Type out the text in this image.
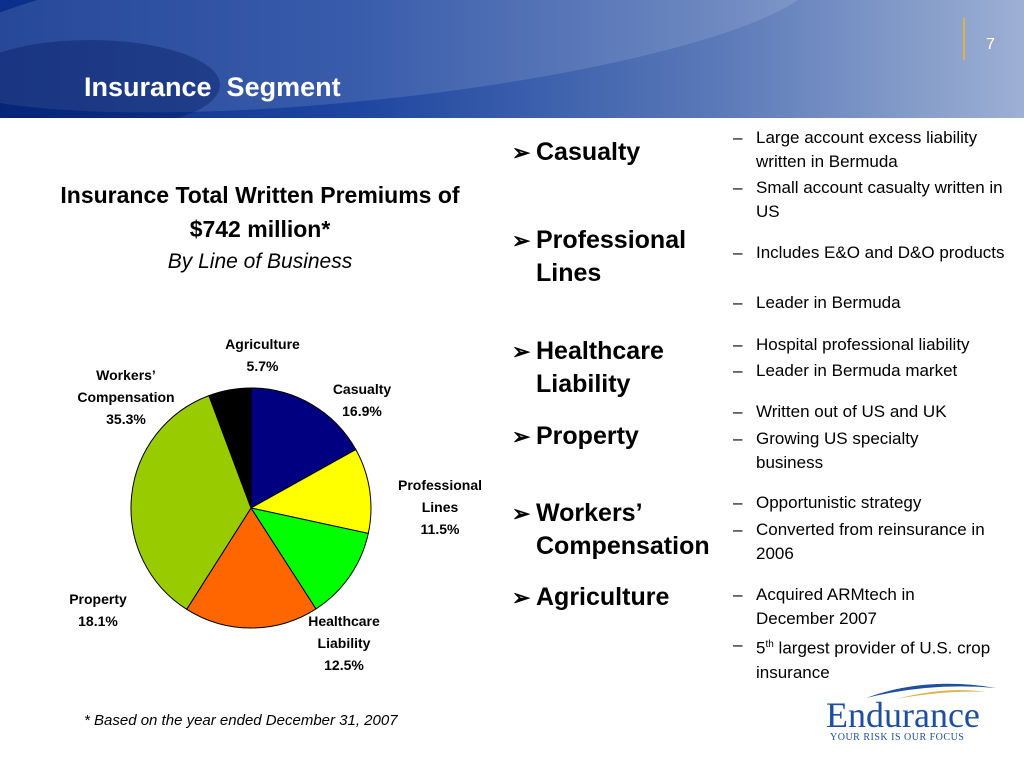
Insurance  Segment
7
Insurance Total Written Premiums of $742 million*
By Line of Business
Agriculture
5.7%
Casualty
16.9%
Professional Lines
11.5%
Healthcare Liability
12.5%
Property
18.1%
Workers’ Compensation
35.3%
* Based on the year ended December 31, 2007
➢ Casualty
➢ Professional Lines
➢ Healthcare Liability
➢ Property
➢ Workers’ Compensation
➢ Agriculture
– Large account excess liability written in Bermuda
– Small account casualty written in US
– Includes E&O and D&O products
– Leader in Bermuda
– Hospital professional liability
– Leader in Bermuda market
– Written out of US and UK
– Growing US specialty business
– Opportunistic strategy
– Converted from reinsurance in 2006
– Acquired ARMtech in December 2007
– 5th largest provider of U.S. crop insurance
Endurance
YOUR RISK IS OUR FOCUS
